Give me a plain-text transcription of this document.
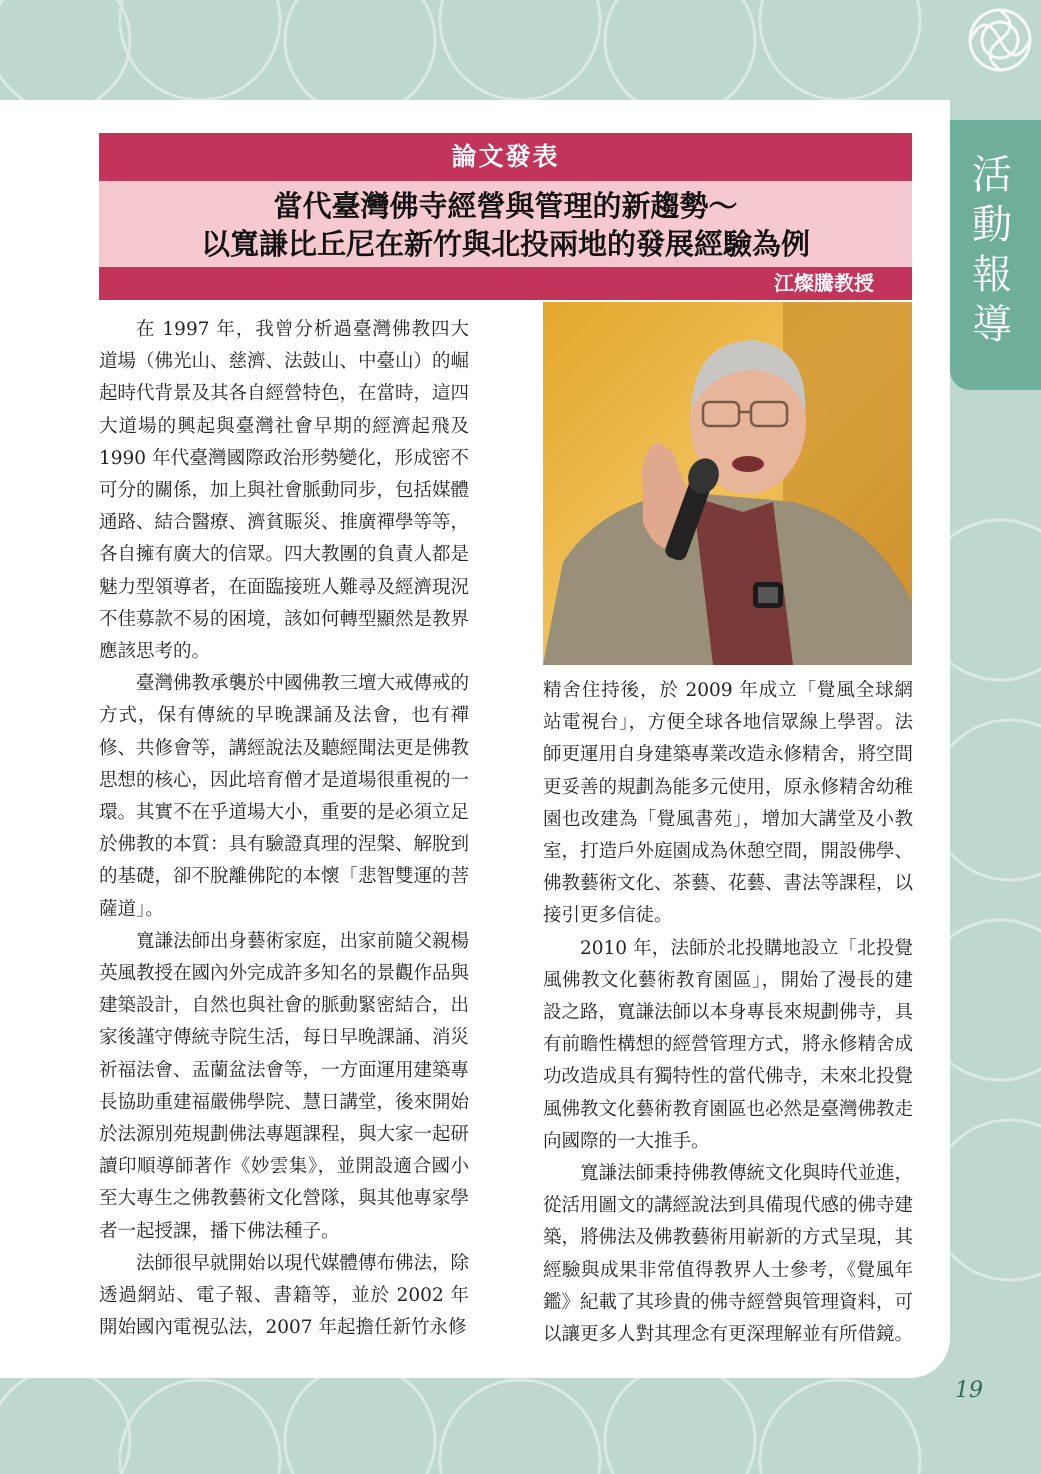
活
動
報
導
論文發表
當代臺灣佛寺經營與管理的新趨勢～
以寬謙比丘尼在新竹與北投兩地的發展經驗為例
江燦騰教授

在 1997 年，我曾分析過臺灣佛教四大道場（佛光山、慈濟、法鼓山、中臺山）的崛起時代背景及其各自經營特色，在當時，這四大道場的興起與臺灣社會早期的經濟起飛及 1990 年代臺灣國際政治形勢變化，形成密不可分的關係，加上與社會脈動同步，包括媒體通路、結合醫療、濟貧賑災、推廣禪學等等，各自擁有廣大的信眾。四大教團的負責人都是魅力型領導者，在面臨接班人難尋及經濟現況不佳募款不易的困境，該如何轉型顯然是教界應該思考的。

臺灣佛教承襲於中國佛教三壇大戒傳戒的方式，保有傳統的早晚課誦及法會，也有禪修、共修會等，講經說法及聽經聞法更是佛教思想的核心，因此培育僧才是道場很重視的一環。其實不在乎道場大小，重要的是必須立足於佛教的本質：具有驗證真理的涅槃、解脫到的基礎，卻不脫離佛陀的本懷「悲智雙運的菩薩道」。

寬謙法師出身藝術家庭，出家前隨父親楊英風教授在國內外完成許多知名的景觀作品與建築設計，自然也與社會的脈動緊密結合，出家後謹守傳統寺院生活，每日早晚課誦、消災祈福法會、盂蘭盆法會等，一方面運用建築專長協助重建福嚴佛學院、慧日講堂，後來開始於法源別苑規劃佛法專題課程，與大家一起研讀印順導師著作《妙雲集》，並開設適合國小至大專生之佛教藝術文化營隊，與其他專家學者一起授課，播下佛法種子。

法師很早就開始以現代媒體傳布佛法，除透過網站、電子報、書籍等，並於 2002 年開始國內電視弘法，2007 年起擔任新竹永修

精舍住持後，於 2009 年成立「覺風全球網站電視台」，方便全球各地信眾線上學習。法師更運用自身建築專業改造永修精舍，將空間更妥善的規劃為能多元使用，原永修精舍幼稚園也改建為「覺風書苑」，增加大講堂及小教室，打造戶外庭園成為休憩空間，開設佛學、佛教藝術文化、茶藝、花藝、書法等課程，以接引更多信徒。

2010 年，法師於北投購地設立「北投覺風佛教文化藝術教育園區」，開始了漫長的建設之路，寬謙法師以本身專長來規劃佛寺，具有前瞻性構想的經營管理方式，將永修精舍成功改造成具有獨特性的當代佛寺，未來北投覺風佛教文化藝術教育園區也必然是臺灣佛教走向國際的一大推手。

寬謙法師秉持佛教傳統文化與時代並進，從活用圖文的講經說法到具備現代感的佛寺建築，將佛法及佛教藝術用嶄新的方式呈現，其經驗與成果非常值得教界人士參考，《覺風年鑑》紀載了其珍貴的佛寺經營與管理資料，可以讓更多人對其理念有更深理解並有所借鏡。

19
